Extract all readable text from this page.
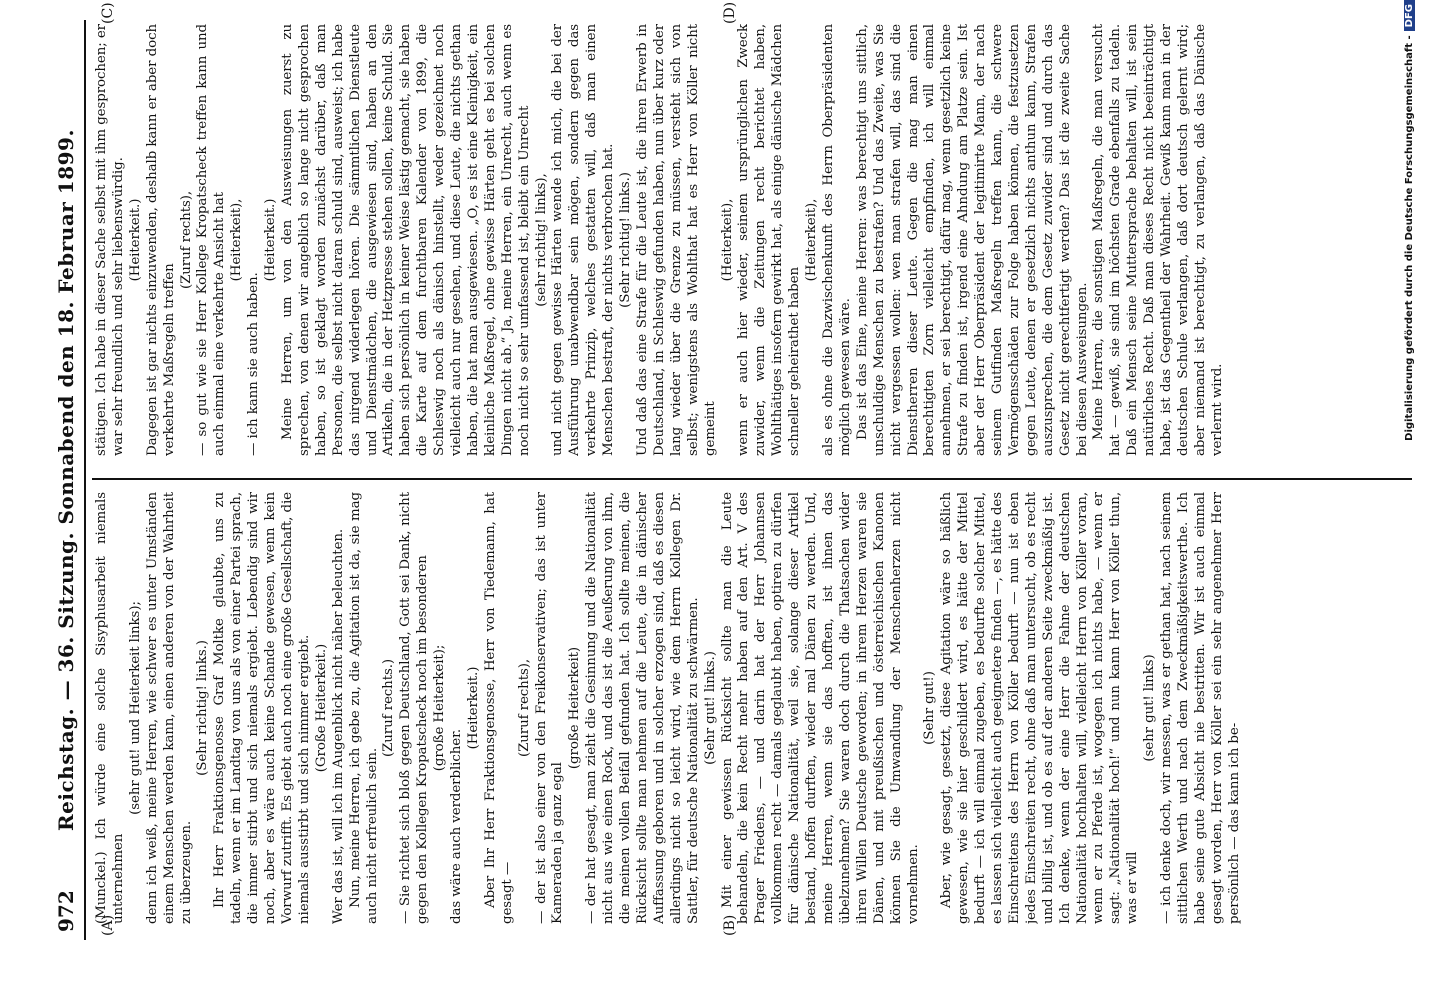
972
Reichstag. — 36. Sitzung. Sonnabend den 18. Februar 1899.
(A)	(B)
(C)	(D)

(Munckel.) Ich würde eine solche Sisyphusarbeit niemals unternehmen

(sehr gut! und Heiterkeit links); denn ich weiß, meine Herren, wie schwer es unter Umständen einem Menschen werden kann, einen anderen von der Wahrheit zu überzeugen.

(Sehr richtig! links.) Ihr Herr Fraktionsgenosse Graf Moltke glaubte, uns zu tadeln, wenn er im Landtag von uns als von einer Partei sprach, die immer stirbt und sich niemals ergiebt. Lebendig sind wir noch, aber es wäre auch keine Schande gewesen, wenn kein Vorwurf zutrifft. Es giebt auch noch eine große Gesellschaft, die niemals ausstirbt und sich nimmer ergiebt. (Große Heiterkeit.) Wer das ist, will ich im Augenblick nicht näher beleuchten. Nun, meine Herren, ich gebe zu, die Agitation ist da, sie mag auch nicht erfreulich sein.

(Zuruf rechts.) — Sie richtet sich bloß gegen Deutschland, Gott sei Dank, nicht gegen den Kollegen Kropatscheck noch im besonderen (große Heiterkeit);

das wäre auch verderblicher.

(Heiterkeit.) Aber Ihr Herr Fraktionsgenosse, Herr von Tiedemann, hat gesagt —

(Zuruf rechts), — der ist also einer von den Freikonservativen; das ist unter Kameraden ja ganz egal

(große Heiterkeit) — der hat gesagt, man zieht die Gesinnung und die Nationalität nicht aus wie einen Rock, und das ist die Aeußerung von ihm, die meinen vollen Beifall gefunden hat. Ich sollte meinen, die Rücksicht sollte man nehmen auf die Leute, die in dänischer Auffassung geboren und in solcher erzogen sind, daß es diesen allerdings nicht so leicht wird, wie dem Herrn Kollegen Dr. Sattler, für deutsche Nationalität zu schwärmen. (Sehr gut! links.) Mit einer gewissen Rücksicht sollte man die Leute behandeln, die kein Recht mehr haben auf den Art. V des Prager Friedens, — und darin hat der Herr Johannsen vollkommen recht — damals geglaubt haben, optiren zu dürfen für dänische Nationalität, weil sie, solange dieser Artikel bestand, hoffen durften, wieder mal Dänen zu werden. Und, meine Herren, wenn sie das hofften, ist ihnen das übelzunehmen? Sie waren doch durch die Thatsachen wider ihren Willen Deutsche geworden; in ihrem Herzen waren sie Dänen, und mit preußischen und österreichischen Kanonen können Sie die Umwandlung der Menschenherzen nicht vornehmen.

(Sehr gut!) Aber, wie gesagt, gesetzt, diese Agitation wäre so häßlich gewesen, wie sie hier geschildert wird, es hätte der Mittel bedurft — ich will einmal zugeben, es bedurfte solcher Mittel, es lassen sich vielleicht auch geeignetere finden —, es hätte des Einschreitens des Herrn von Köller bedurft — nun ist eben jedes Einschreiten recht, ohne daß man untersucht, ob es recht und billig ist, und ob es auf der anderen Seite zweckmäßig ist. Ich denke, wenn der eine Herr die Fahne der deutschen Nationalität hochhalten will, vielleicht Herrn von Köller voran, wenn er zu Pferde ist, wogegen ich nichts habe, — wenn er sagt: „Nationalität hoch!“ und nun kann Herr von Köller thun, was er will

(sehr gut! links) — ich denke doch, wir messen, was er gethan hat, nach seinem sittlichen Werth und nach dem Zweckmäßigkeitswerthe. Ich habe seine gute Absicht nie bestritten. Wir ist auch einmal gesagt worden, Herr von Köller sei ein sehr angenehmer Herr persönlich — das kann ich be-

stätigen. Ich habe in dieser Sache selbst mit ihm gesprochen; er war sehr freundlich und sehr liebenswürdig. (Heiterkeit.) Dagegen ist gar nichts einzuwenden, deshalb kann er aber doch verkehrte Maßregeln treffen

(Zuruf rechts), — so gut wie sie Herr Kollege Kropatscheck treffen kann und auch einmal eine verkehrte Ansicht hat (Heiterkeit),

— ich kann sie auch haben.

(Heiterkeit.) Meine Herren, um von den Ausweisungen zuerst zu sprechen, von denen wir angeblich so lange nicht gesprochen haben, so ist geklagt worden zunächst darüber, daß man Personen, die selbst nicht daran schuld sind, ausweist; ich habe das nirgend widerlegen hören. Die sämmtlichen Dienstleute und Dienstmädchen, die ausgewiesen sind, haben an den Artikeln, die in der Hetzpresse stehen sollen, keine Schuld. Sie haben sich persönlich in keiner Weise lästig gemacht, sie haben die Karte auf dem furchtbaren Kalender von 1899, die Schleswig noch als dänisch hinstellt, weder gezeichnet noch vielleicht auch nur gesehen, und diese Leute, die nichts gethan haben, die hat man ausgewiesen. „O, es ist eine Kleinigkeit, ein kleinliche Maßregel, ohne gewisse Härten geht es bei solchen Dingen nicht ab.“ Ja, meine Herren, ein Unrecht, auch wenn es noch nicht so sehr umfassend ist, bleibt ein Unrecht (sehr richtig! links), und nicht gegen gewisse Härten wende ich mich, die bei der Ausführung unabwendbar sein mögen, sondern gegen das verkehrte Prinzip, welches gestatten will, daß man einen Menschen bestraft, der nichts verbrochen hat. (Sehr richtig! links.) Und daß das eine Strafe für die Leute ist, die ihren Erwerb in Deutschland, in Schleswig gefunden haben, nun über kurz oder lang wieder über die Grenze zu müssen, versteht sich von selbst; wenigstens als Wohlthat hat es Herr von Köller nicht gemeint

(Heiterkeit), wenn er auch hier wieder, seinem ursprünglichen Zweck zuwider, wenn die Zeitungen recht berichtet haben, Wohlthätiges insofern gewirkt hat, als einige dänische Mädchen schneller geheirathet haben

(Heiterkeit), als es ohne die Dazwischenkunft des Herrn Oberpräsidenten möglich gewesen wäre. Das ist das Eine, meine Herren: was berechtigt uns sittlich, unschuldige Menschen zu bestrafen? Und das Zweite, was Sie nicht vergessen wollen: wen man strafen will, das sind die Dienstherren dieser Leute. Gegen die mag man einen berechtigten Zorn vielleicht empfinden, ich will einmal annehmen, er sei berechtigt, dafür mag, wenn gesetzlich keine Strafe zu finden ist, irgend eine Ahndung am Platze sein. Ist aber der Herr Oberpräsident der legitimirte Mann, der nach seinem Gutfinden Maßregeln treffen kann, die schwere Vermögensschäden zur Folge haben können, die festzusetzen gegen Leute, denen er gesetzlich nichts anthun kann, Strafen auszusprechen, die dem Gesetz zuwider sind und durch das Gesetz nicht gerechtfertigt werden? Das ist die zweite Sache bei diesen Ausweisungen. Meine Herren, die sonstigen Maßregeln, die man versucht hat — gewiß, sie sind im höchsten Grade ebenfalls zu tadeln. Daß ein Mensch seine Muttersprache behalten will, ist sein natürliches Recht. Daß man dieses Recht nicht beeinträchtigt habe, ist das Gegentheil der Wahrheit. Gewiß kann man in der deutschen Schule verlangen, daß dort deutsch gelernt wird; aber niemand ist berechtigt, zu verlangen, daß das Dänische verlernt wird.	Digitalisierung gefördert durch die Deutsche Forschungsgemeinschaft -DFG
